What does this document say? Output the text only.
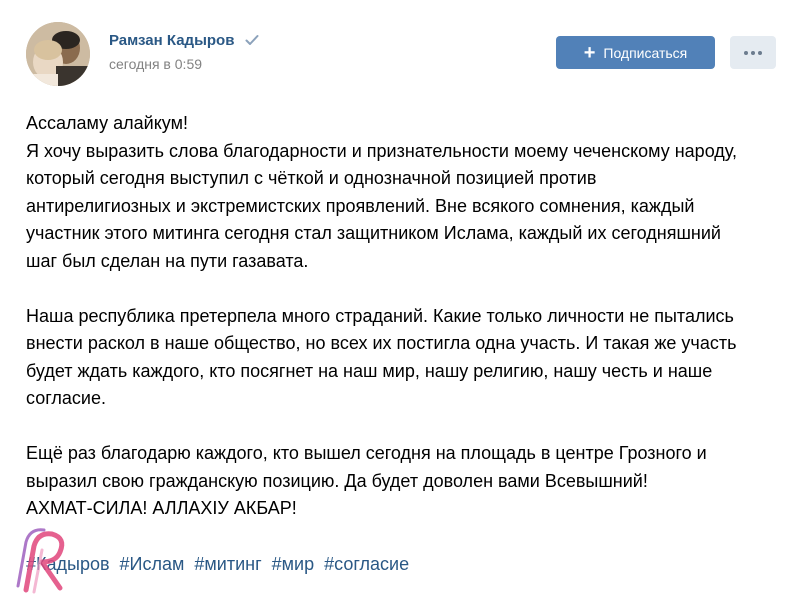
Рамзан Кадыров
сегодня в 0:59
+ Подписаться
Ассаламу алайкум!
Я хочу выразить слова благодарности и признательности моему чеченскому народу,
который сегодня выступил с чёткой и однозначной позицией против
антирелигиозных и экстремистских проявлений. Вне всякого сомнения, каждый
участник этого митинга сегодня стал защитником Ислама, каждый их сегодняшний
шаг был сделан на пути газавата.
Наша республика претерпела много страданий. Какие только личности не пытались
внести раскол в наше общество, но всех их постигла одна участь. И такая же участь
будет ждать каждого, кто посягнет на наш мир, нашу религию, нашу честь и наше
согласие.
Ещё раз благодарю каждого, кто вышел сегодня на площадь в центре Грозного и
выразил свою гражданскую позицию. Да будет доволен вами Всевышний!
АХМАТ-СИЛА! АЛЛАХIУ АКБАР!
#Кадыров #Ислам #митинг #мир #согласие
